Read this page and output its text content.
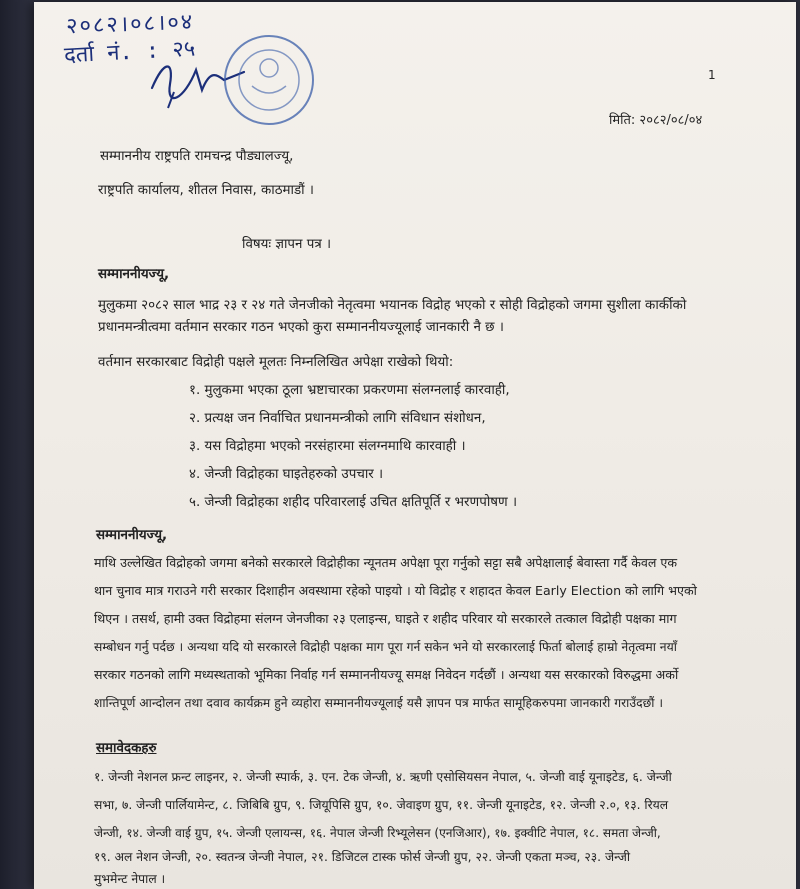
२०८२।०८।०४
दर्ता नं. : २५
1
मिति: २०८२/०८/०४
सम्माननीय राष्ट्रपति रामचन्द्र पौड्यालज्यू,
राष्ट्रपति कार्यालय, शीतल निवास, काठमाडौं ।
विषयः ज्ञापन पत्र ।
सम्माननीयज्यू,
मुलुकमा २०८२ साल भाद्र २३ र २४ गते जेनजीको नेतृत्वमा भयानक विद्रोह भएको र सोही विद्रोहको जगमा सुशीला कार्कीको
प्रधानमन्त्रीत्वमा वर्तमान सरकार गठन भएको कुरा सम्माननीयज्यूलाई जानकारी नै छ ।
वर्तमान सरकारबाट विद्रोही पक्षले मूलतः निम्नलिखित अपेक्षा राखेको थियो:
१. मुलुकमा भएका ठूला भ्रष्टाचारका प्रकरणमा संलग्नलाई कारवाही,
२. प्रत्यक्ष जन निर्वाचित प्रधानमन्त्रीको लागि संविधान संशोधन,
३. यस विद्रोहमा भएको नरसंहारमा संलग्नमाथि कारवाही ।
४. जेन्जी विद्रोहका घाइतेहरुको उपचार ।
५. जेन्जी विद्रोहका शहीद परिवारलाई उचित क्षतिपूर्ति र भरणपोषण ।
सम्माननीयज्यू,
माथि उल्लेखित विद्रोहको जगमा बनेको सरकारले विद्रोहीका न्यूनतम अपेक्षा पूरा गर्नुको सट्टा सबै अपेक्षालाई बेवास्ता गर्दै केवल एक
थान चुनाव मात्र गराउने गरी सरकार दिशाहीन अवस्थामा रहेको पाइयो । यो विद्रोह र शहादत केवल Early Election को लागि भएको
थिएन । तसर्थ, हामी उक्त विद्रोहमा संलग्न जेनजीका २३ एलाइन्स, घाइते र शहीद परिवार यो सरकारले तत्काल विद्रोही पक्षका माग
सम्बोधन गर्नु पर्दछ । अन्यथा यदि यो सरकारले विद्रोही पक्षका माग पूरा गर्न सकेन भने यो सरकारलाई फिर्ता बोलाई हाम्रो नेतृत्वमा नयाँ
सरकार गठनको लागि मध्यस्थताको भूमिका निर्वाह गर्न सम्माननीयज्यू समक्ष निवेदन गर्दछौं । अन्यथा यस सरकारको विरुद्धमा अर्को
शान्तिपूर्ण आन्दोलन तथा दवाव कार्यक्रम हुने व्यहोरा सम्माननीयज्यूलाई यसै ज्ञापन पत्र मार्फत सामूहिकरुपमा जानकारी गराउँदछौं ।
समावेदकहरु
१. जेन्जी नेशनल फ्रन्ट लाइनर, २. जेन्जी स्पार्क, ३. एन. टेक जेन्जी, ४. ऋणी एसोसियसन नेपाल, ५. जेन्जी वाई यूनाइटेड, ६. जेन्जी
सभा, ७. जेन्जी पार्लियामेन्ट, ८. जिबिबि ग्रुप, ९. जियूपिसि ग्रुप, १०. जेवाइण ग्रुप, ११. जेन्जी यूनाइटेड, १२. जेन्जी २.०, १३. रियल
जेन्जी, १४. जेन्जी वाई ग्रुप, १५. जेन्जी एलायन्स, १६. नेपाल जेन्जी रिभ्यूलेसन (एनजिआर), १७. इक्वीटि नेपाल, १८. समता जेन्जी,
१९. अल नेशन जेन्जी, २०. स्वतन्त्र जेन्जी नेपाल, २१. डिजिटल टास्क फोर्स जेन्जी ग्रुप, २२. जेन्जी एकता मञ्च, २३. जेन्जी
मुभमेन्ट नेपाल ।
